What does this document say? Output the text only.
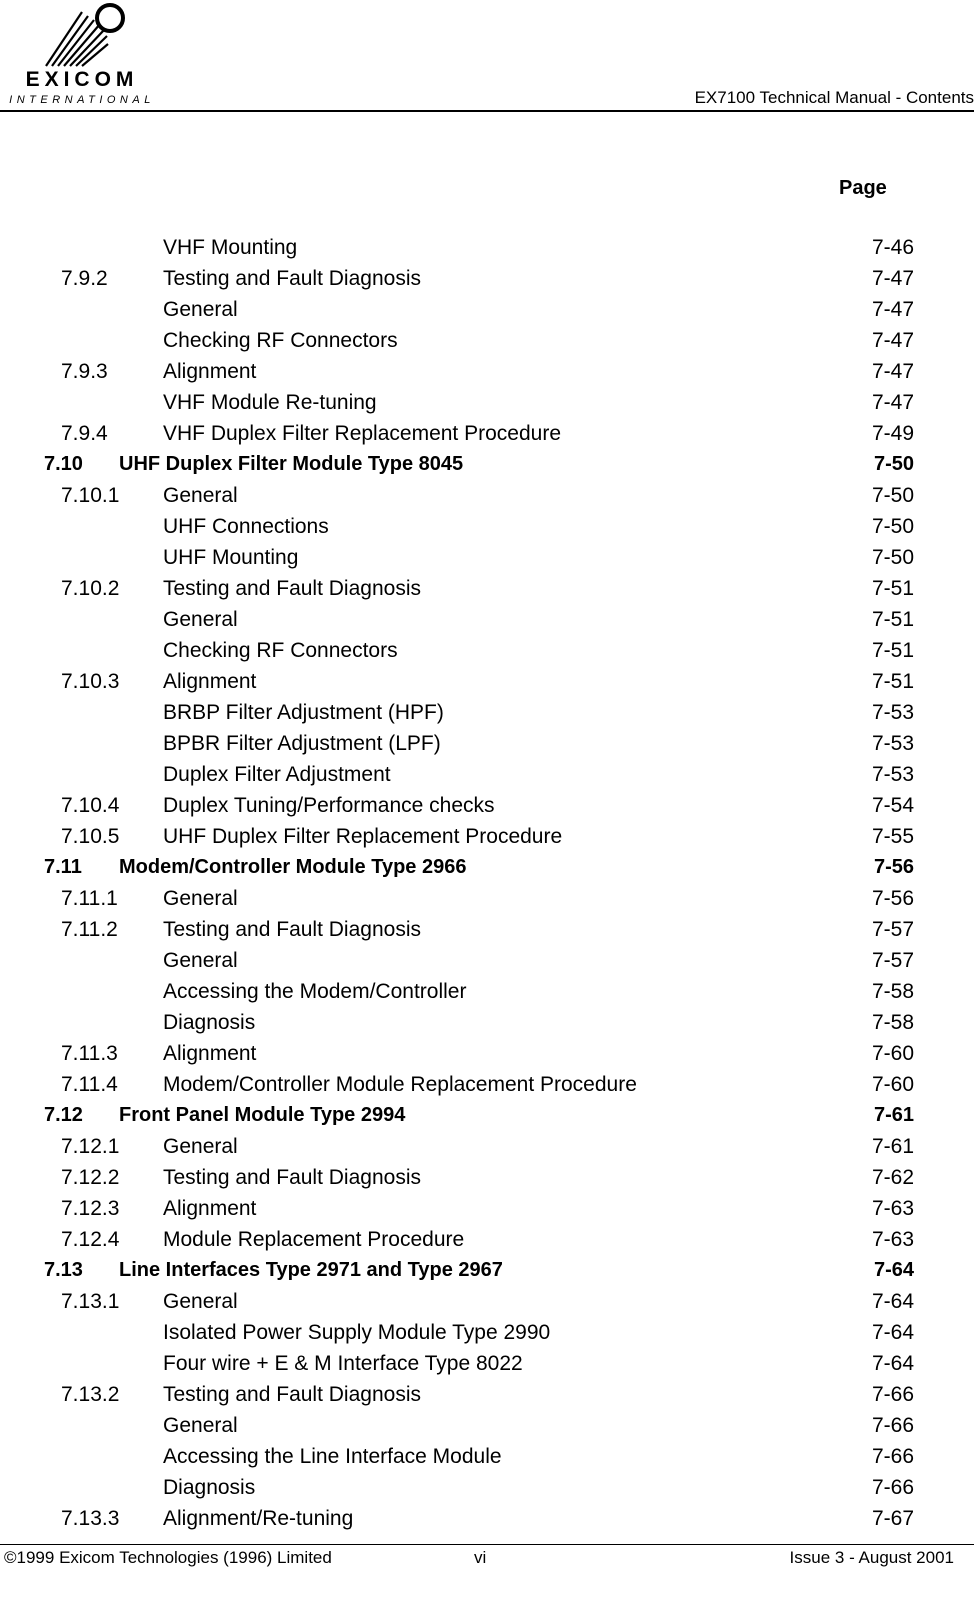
EXICOM
INTERNATIONAL	EX7100 Technical Manual - Contents
Page
VHF Mounting	7-46
7.9.2	Testing and Fault Diagnosis	7-47
General	7-47
Checking RF Connectors	7-47
7.9.3	Alignment	7-47
VHF Module Re-tuning	7-47
7.9.4	VHF Duplex Filter Replacement Procedure	7-49
7.10 UHF Duplex Filter Module Type 8045	7-50
7.10.1 General	7-50
UHF Connections	7-50
UHF Mounting	7-50
7.10.2 Testing and Fault Diagnosis	7-51
General	7-51
Checking RF Connectors	7-51
7.10.3 Alignment	7-51
BRBP Filter Adjustment (HPF)	7-53
BPBR Filter Adjustment (LPF)	7-53
Duplex Filter Adjustment	7-53
7.10.4 Duplex Tuning/Performance checks	7-54
7.10.5 UHF Duplex Filter Replacement Procedure	7-55
7.11 Modem/Controller Module Type 2966	7-56
7.11.1 General	7-56
7.11.2 Testing and Fault Diagnosis	7-57
General	7-57
Accessing the Modem/Controller	7-58
Diagnosis	7-58
7.11.3 Alignment	7-60
7.11.4 Modem/Controller Module Replacement Procedure	7-60
7.12 Front Panel Module Type 2994	7-61
7.12.1 General	7-61
7.12.2 Testing and Fault Diagnosis	7-62
7.12.3 Alignment	7-63
7.12.4 Module Replacement Procedure	7-63
7.13 Line Interfaces Type 2971 and Type 2967	7-64
7.13.1 General	7-64
Isolated Power Supply Module Type 2990	7-64
Four wire + E & M Interface Type 8022	7-64
7.13.2 Testing and Fault Diagnosis	7-66
General	7-66
Accessing the Line Interface Module	7-66
Diagnosis	7-66
7.13.3 Alignment/Re-tuning	7-67
©1999 Exicom Technologies (1996) Limited	vi	Issue 3 - August 2001
